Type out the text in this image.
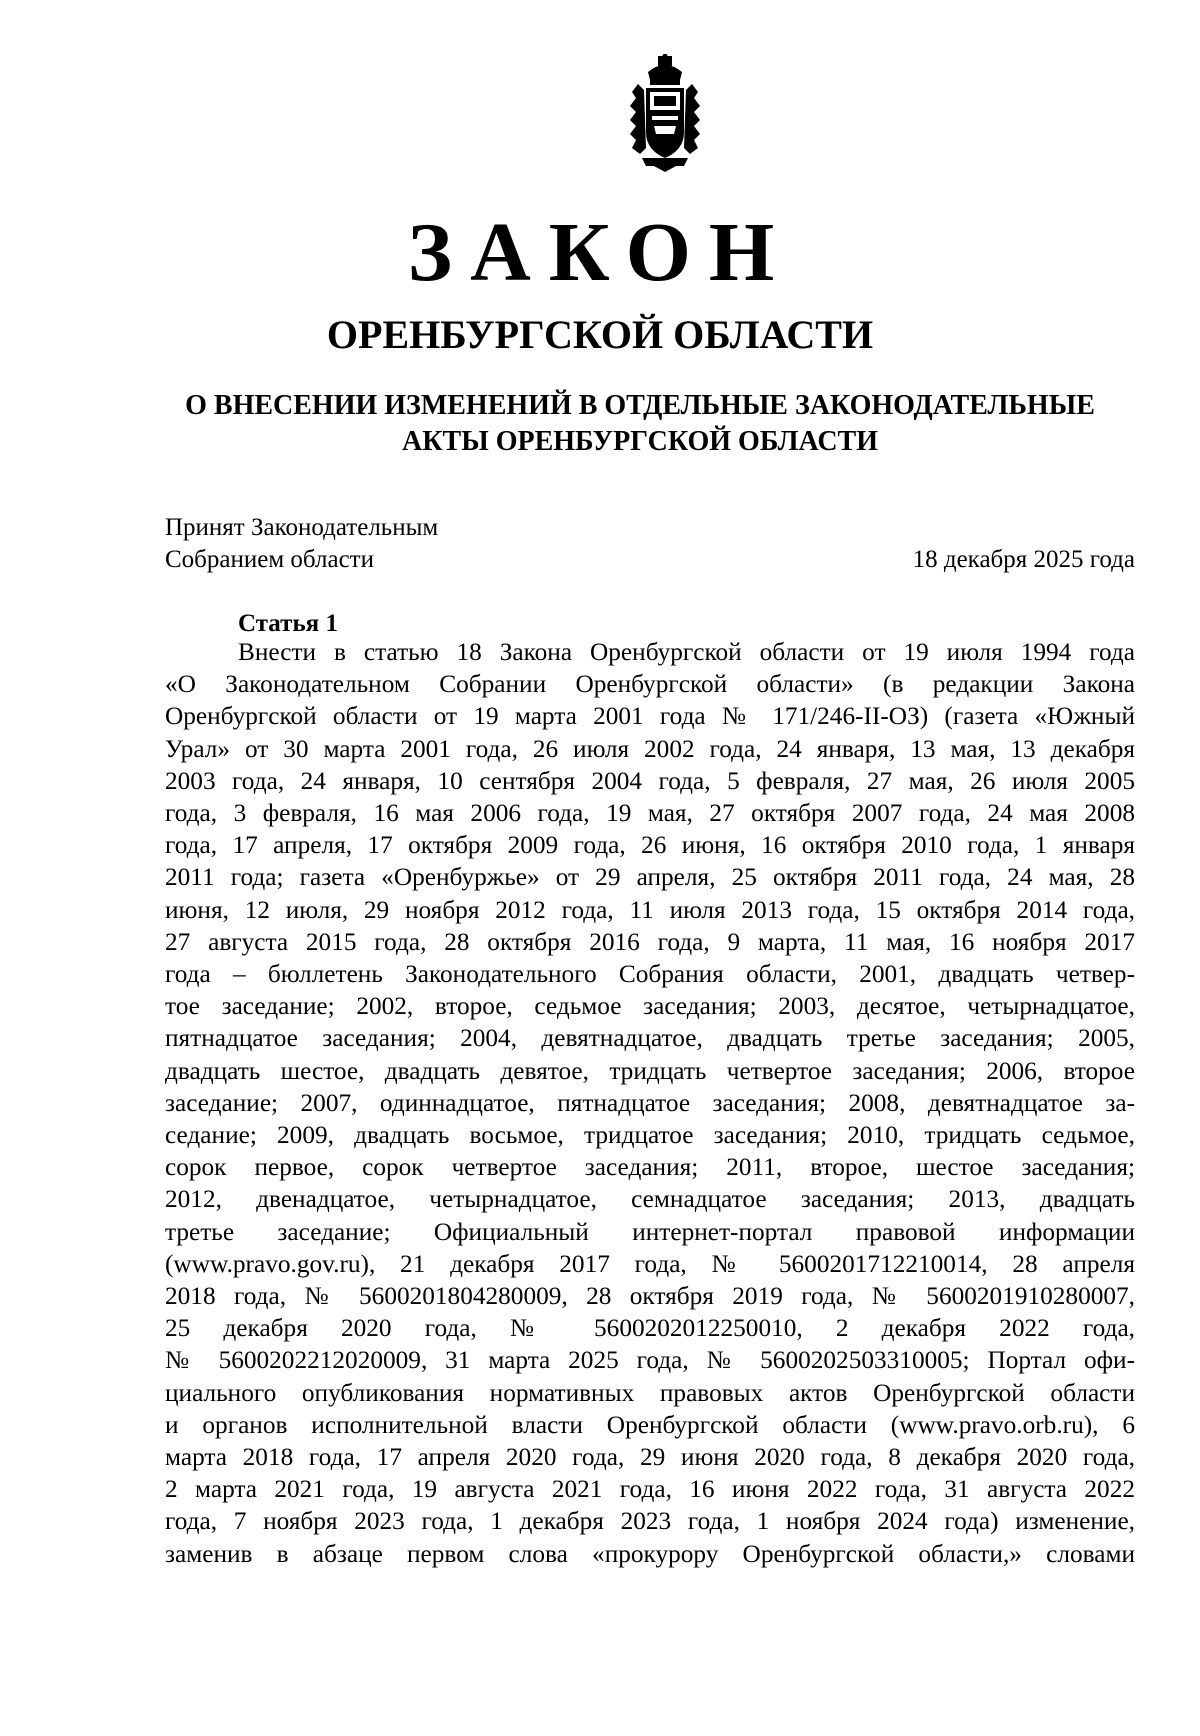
ЗАКОН
ОРЕНБУРГСКОЙ ОБЛАСТИ
О ВНЕСЕНИИ ИЗМЕНЕНИЙ В ОТДЕЛЬНЫЕ ЗАКОНОДАТЕЛЬНЫЕ
АКТЫ ОРЕНБУРГСКОЙ ОБЛАСТИ
Принят Законодательным
Собранием области	18 декабря 2025 года
Статья 1
Внести в статью 18 Закона Оренбургской области от 19 июля 1994 года
«О Законодательном Собрании Оренбургской области» (в редакции Закона
Оренбургской области от 19 марта 2001 года № 171/246-II-ОЗ) (газета «Южный
Урал» от 30 марта 2001 года, 26 июля 2002 года, 24 января, 13 мая, 13 декабря
2003 года, 24 января, 10 сентября 2004 года, 5 февраля, 27 мая, 26 июля 2005
года, 3 февраля, 16 мая 2006 года, 19 мая, 27 октября 2007 года, 24 мая 2008
года, 17 апреля, 17 октября 2009 года, 26 июня, 16 октября 2010 года, 1 января
2011 года; газета «Оренбуржье» от 29 апреля, 25 октября 2011 года, 24 мая, 28
июня, 12 июля, 29 ноября 2012 года, 11 июля 2013 года, 15 октября 2014 года,
27 августа 2015 года, 28 октября 2016 года, 9 марта, 11 мая, 16 ноября 2017
года – бюллетень Законодательного Собрания области, 2001, двадцать четвер-
тое заседание; 2002, второе, седьмое заседания; 2003, десятое, четырнадцатое,
пятнадцатое заседания; 2004, девятнадцатое, двадцать третье заседания; 2005,
двадцать шестое, двадцать девятое, тридцать четвертое заседания; 2006, второе
заседание; 2007, одиннадцатое, пятнадцатое заседания; 2008, девятнадцатое за-
седание; 2009, двадцать восьмое, тридцатое заседания; 2010, тридцать седьмое,
сорок первое, сорок четвертое заседания; 2011, второе, шестое заседания;
2012, двенадцатое, четырнадцатое, семнадцатое заседания; 2013, двадцать
третье заседание; Официальный интернет-портал правовой информации
(www.pravo.gov.ru), 21 декабря 2017 года, № 5600201712210014, 28 апреля
2018 года, № 5600201804280009, 28 октября 2019 года, № 5600201910280007,
25 декабря 2020 года, № 5600202012250010, 2 декабря 2022 года,
№ 5600202212020009, 31 марта 2025 года, № 5600202503310005; Портал офи-
циального опубликования нормативных правовых актов Оренбургской области
и органов исполнительной власти Оренбургской области (www.pravo.orb.ru), 6
марта 2018 года, 17 апреля 2020 года, 29 июня 2020 года, 8 декабря 2020 года,
2 марта 2021 года, 19 августа 2021 года, 16 июня 2022 года, 31 августа 2022
года, 7 ноября 2023 года, 1 декабря 2023 года, 1 ноября 2024 года) изменение,
заменив в абзаце первом слова «прокурору Оренбургской области,» словами
